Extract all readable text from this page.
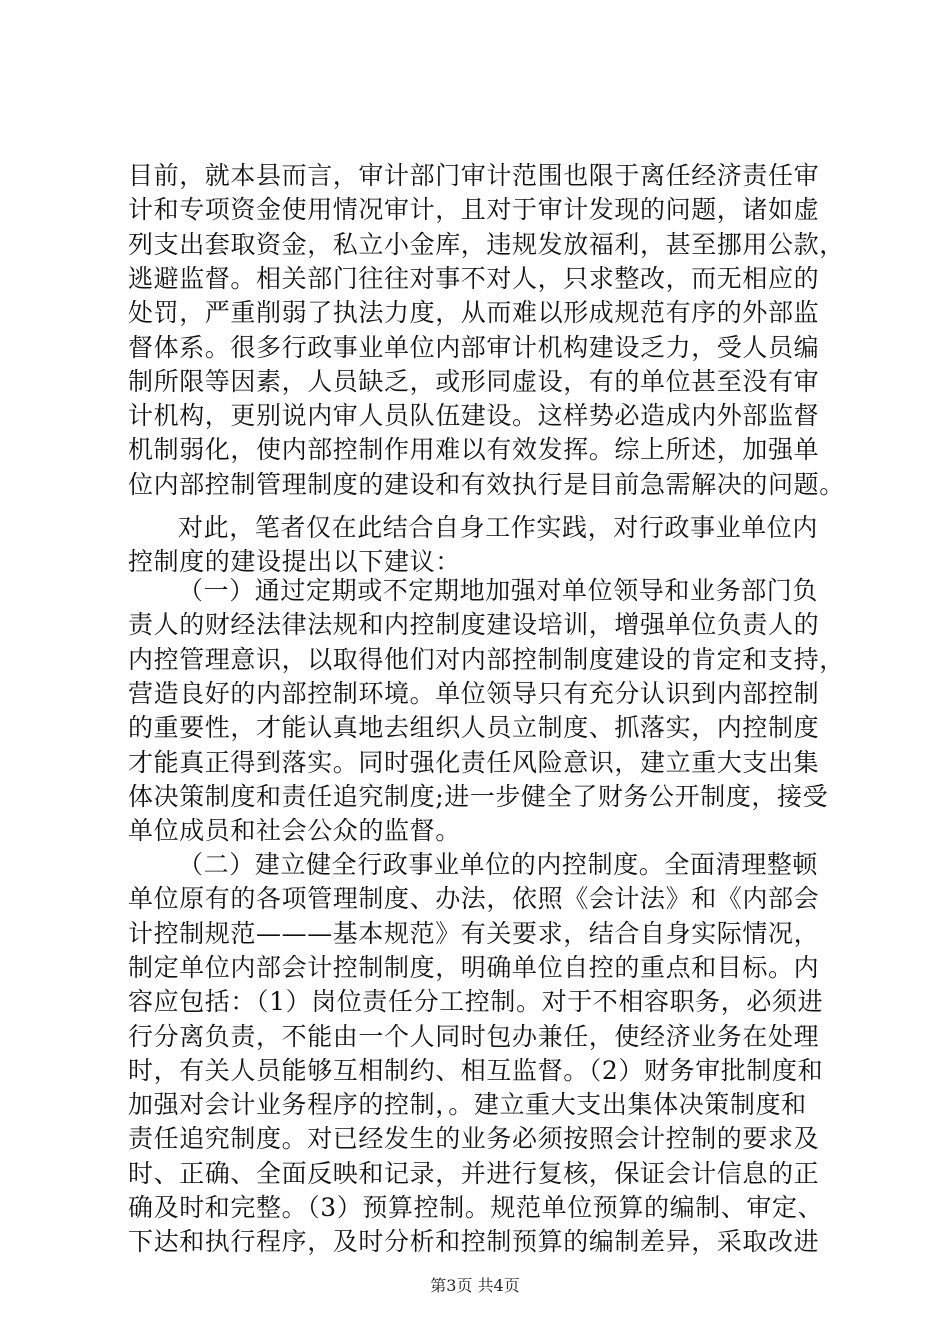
目前，就本县而言，审计部门审计范围也限于离任经济责任审
计和专项资金使用情况审计，且对于审计发现的问题，诸如虚
列支出套取资金，私立小金库，违规发放福利，甚至挪用公款，
逃避监督。相关部门往往对事不对人，只求整改，而无相应的
处罚，严重削弱了执法力度，从而难以形成规范有序的外部监
督体系。很多行政事业单位内部审计机构建设乏力，受人员编
制所限等因素，人员缺乏，或形同虚设，有的单位甚至没有审
计机构，更别说内审人员队伍建设。这样势必造成内外部监督
机制弱化，使内部控制作用难以有效发挥。综上所述，加强单
位内部控制管理制度的建设和有效执行是目前急需解决的问题。
对此，笔者仅在此结合自身工作实践，对行政事业单位内
控制度的建设提出以下建议：
（一）通过定期或不定期地加强对单位领导和业务部门负
责人的财经法律法规和内控制度建设培训，增强单位负责人的
内控管理意识，以取得他们对内部控制制度建设的肯定和支持，
营造良好的内部控制环境。单位领导只有充分认识到内部控制
的重要性，才能认真地去组织人员立制度、抓落实，内控制度
才能真正得到落实。同时强化责任风险意识，建立重大支出集
体决策制度和责任追究制度;进一步健全了财务公开制度，接受
单位成员和社会公众的监督。
（二）建立健全行政事业单位的内控制度。全面清理整顿
单位原有的各项管理制度、办法，依照《会计法》和《内部会
计控制规范———基本规范》有关要求，结合自身实际情况，
制定单位内部会计控制制度，明确单位自控的重点和目标。内
容应包括：（1）岗位责任分工控制。对于不相容职务，必须进
行分离负责，不能由一个人同时包办兼任，使经济业务在处理
时，有关人员能够互相制约、相互监督。（2）财务审批制度和
加强对会计业务程序的控制，。建立重大支出集体决策制度和
责任追究制度。对已经发生的业务必须按照会计控制的要求及
时、正确、全面反映和记录，并进行复核，保证会计信息的正
确及时和完整。（3）预算控制。规范单位预算的编制、审定、
下达和执行程序，及时分析和控制预算的编制差异，采取改进
第3页 共4页
